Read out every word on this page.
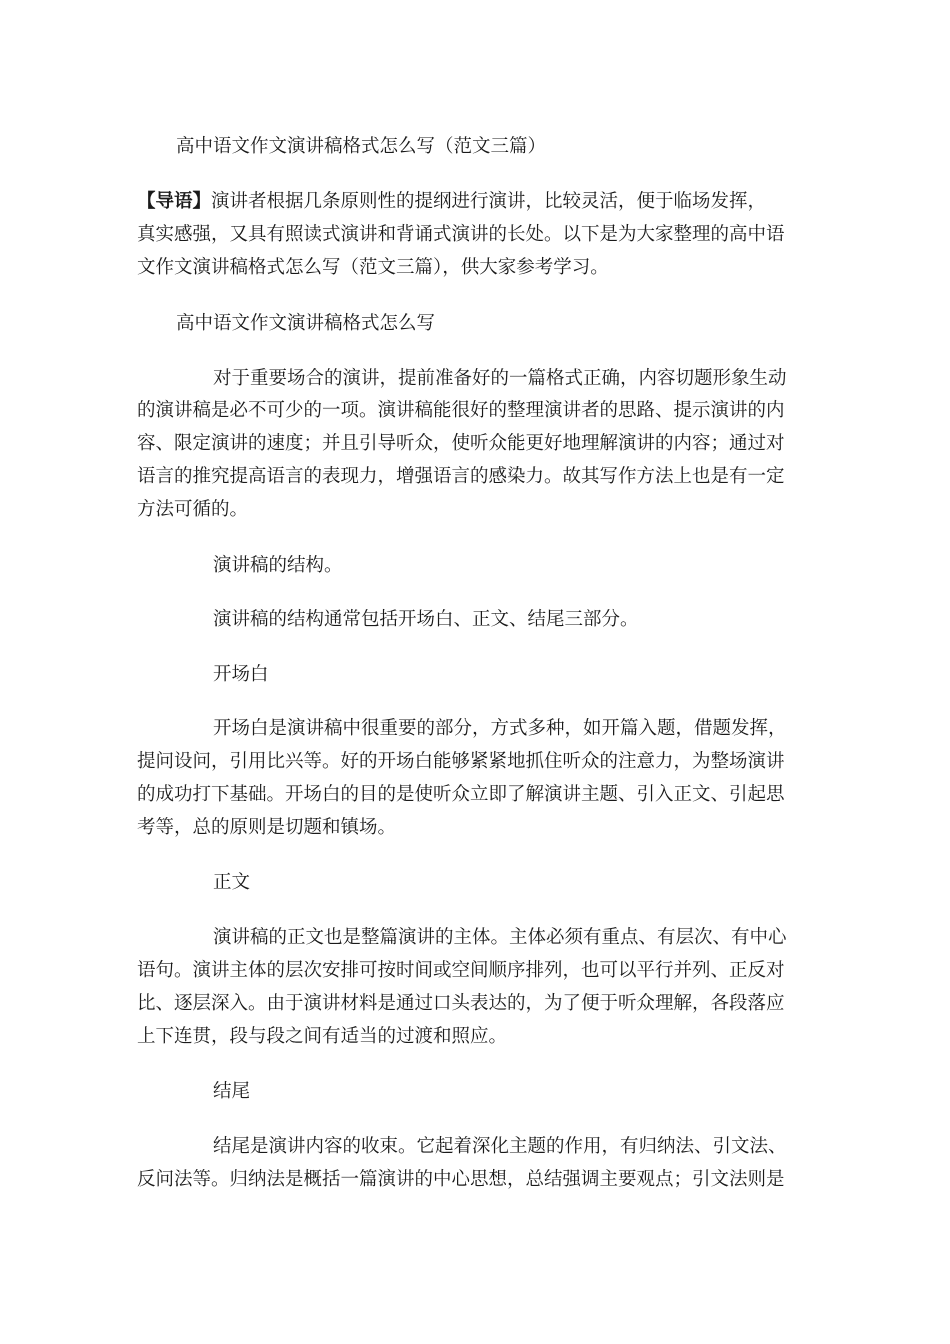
高中语文作文演讲稿格式怎么写（范文三篇）
【导语】演讲者根据几条原则性的提纲进行演讲，比较灵活，便于临场发挥，
真实感强，又具有照读式演讲和背诵式演讲的长处。以下是为大家整理的高中语
文作文演讲稿格式怎么写（范文三篇），供大家参考学习。
高中语文作文演讲稿格式怎么写
对于重要场合的演讲，提前准备好的一篇格式正确，内容切题形象生动
的演讲稿是必不可少的一项。演讲稿能很好的整理演讲者的思路、提示演讲的内
容、限定演讲的速度；并且引导听众，使听众能更好地理解演讲的内容；通过对
语言的推究提高语言的表现力，增强语言的感染力。故其写作方法上也是有一定
方法可循的。
演讲稿的结构。
演讲稿的结构通常包括开场白、正文、结尾三部分。
开场白
开场白是演讲稿中很重要的部分，方式多种，如开篇入题，借题发挥，
提问设问，引用比兴等。好的开场白能够紧紧地抓住听众的注意力，为整场演讲
的成功打下基础。开场白的目的是使听众立即了解演讲主题、引入正文、引起思
考等，总的原则是切题和镇场。
正文
演讲稿的正文也是整篇演讲的主体。主体必须有重点、有层次、有中心
语句。演讲主体的层次安排可按时间或空间顺序排列，也可以平行并列、正反对
比、逐层深入。由于演讲材料是通过口头表达的，为了便于听众理解，各段落应
上下连贯，段与段之间有适当的过渡和照应。
结尾
结尾是演讲内容的收束。它起着深化主题的作用，有归纳法、引文法、
反问法等。归纳法是概括一篇演讲的中心思想，总结强调主要观点；引文法则是
